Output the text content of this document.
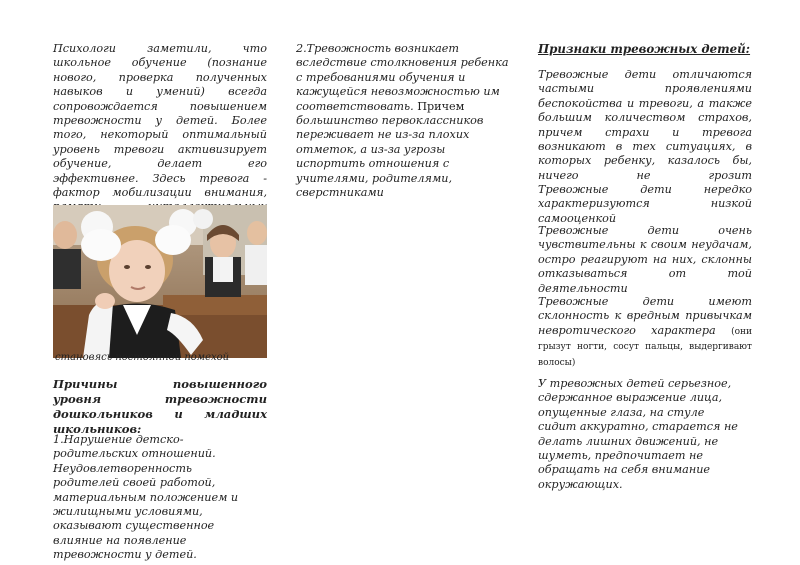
Психологи заметили, что школьное обучение (познание нового, проверка полученных навыков и умений) всегда сопровождается повышением тревожности у детей. Более того, некоторый оптимальный уровень тревоги активизирует обучение, делает его эффективнее. Здесь тревога - фактор мобилизации внимания,

становясь постоянной помехой

Причины повышенного уровня тревожности дошкольников и младших школьников:

1.Нарушение детско-родительских отношений. Неудовлетворенность родителей своей работой, материальным положением и жилищными условиями, оказывают существенное влияние на появление тревожности у детей.

2.Тревожность возникает вследствие столкновения ребенка с требованиями обучения и кажущейся невозможностью им соответствовать. Причем большинство первоклассников переживает не из-за плохих отметок, а из-за угрозы испортить отношения с учителями, родителями, сверстниками

Признаки тревожных детей:

Тревожные дети отличаются частыми проявлениями беспокойства и тревоги, а также большим количеством страхов, причем страхи и тревога возникают в тех ситуациях, в которых ребенку, казалось бы, ничего не грозит

Тревожные дети нередко характеризуются низкой самооценкой

Тревожные дети очень чувствительны к своим неудачам, остро реагируют на них, склонны отказываться от той деятельности

Тревожные дети имеют склонность к вредным привычкам невротического характера (они грызут ногти, сосут пальцы, выдергивают волосы)

У тревожных детей серьезное, сдержанное выражение лица, опущенные глаза, на стуле сидит аккуратно, старается не делать лишних движений, не шуметь, предпочитает не обращать на себя внимание окружающих.
